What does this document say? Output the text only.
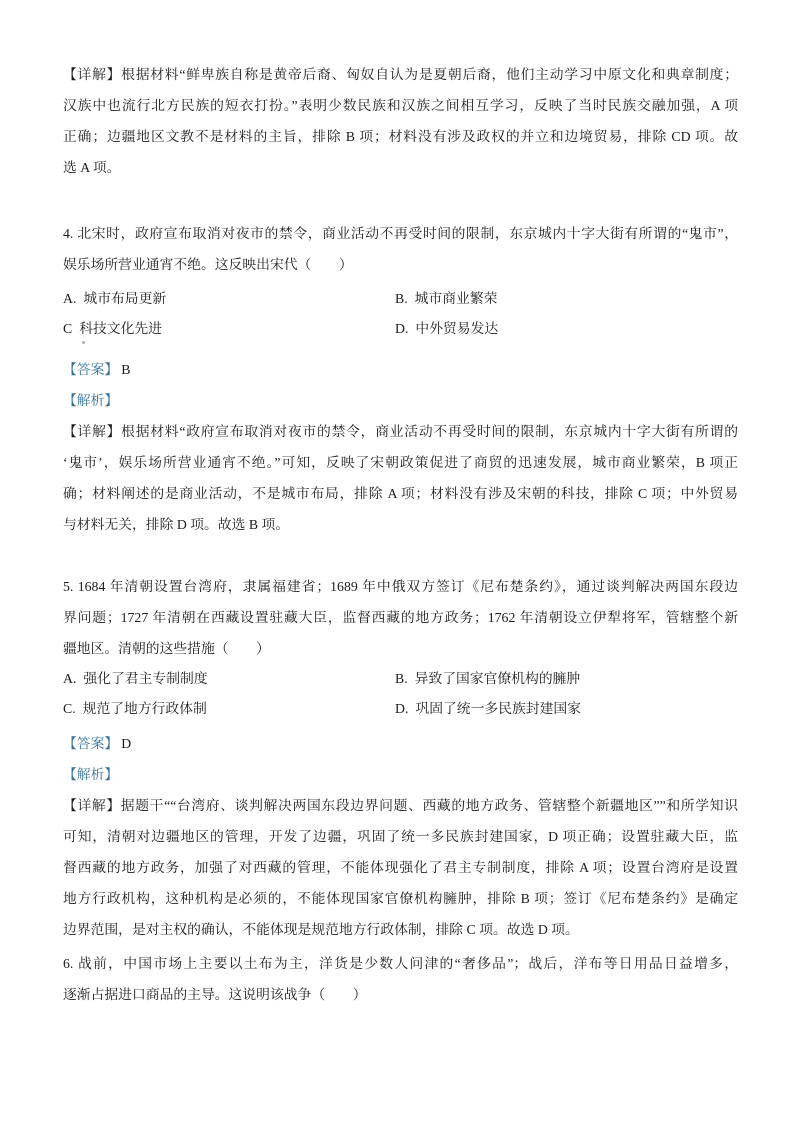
【详解】根据材料“鲜卑族自称是黄帝后裔、匈奴自认为是夏朝后裔，他们主动学习中原文化和典章制度；
汉族中也流行北方民族的短衣打扮。”表明少数民族和汉族之间相互学习，反映了当时民族交融加强，A 项
正确；边疆地区文教不是材料的主旨，排除 B 项；材料没有涉及政权的并立和边境贸易，排除 CD 项。故
选 A 项。
4. 北宋时，政府宣布取消对夜市的禁令，商业活动不再受时间的限制，东京城内十字大街有所谓的“鬼市”，
娱乐场所营业通宵不绝。这反映出宋代（　　）
A. 城市布局更新	B. 城市商业繁荣
C 科技文化先进	D. 中外贸易发达
【答案】 B
【解析】
【详解】根据材料“政府宣布取消对夜市的禁令，商业活动不再受时间的限制，东京城内十字大街有所谓的
‘鬼市’，娱乐场所营业通宵不绝。”可知，反映了宋朝政策促进了商贸的迅速发展，城市商业繁荣，B 项正
确；材料阐述的是商业活动，不是城市布局，排除 A 项；材料没有涉及宋朝的科技，排除 C 项；中外贸易
与材料无关，排除 D 项。故选 B 项。
5. 1684 年清朝设置台湾府，隶属福建省；1689 年中俄双方签订《尼布楚条约》，通过谈判解决两国东段边
界问题；1727 年清朝在西藏设置驻藏大臣，监督西藏的地方政务；1762 年清朝设立伊犁将军，管辖整个新
疆地区。清朝的这些措施（　　）
A. 强化了君主专制制度	B. 异致了国家官僚机构的臃肿
C. 规范了地方行政体制	D. 巩固了统一多民族封建国家
【答案】 D
【解析】
【详解】据题干““台湾府、谈判解决两国东段边界问题、西藏的地方政务、管辖整个新疆地区””和所学知识
可知，清朝对边疆地区的管理，开发了边疆，巩固了统一多民族封建国家，D 项正确；设置驻藏大臣，监
督西藏的地方政务，加强了对西藏的管理，不能体现强化了君主专制制度，排除 A 项；设置台湾府是设置
地方行政机构，这种机构是必须的，不能体现国家官僚机构臃肿，排除 B 项；签订《尼布楚条约》是确定
边界范围，是对主权的确认，不能体现是规范地方行政体制，排除 C 项。故选 D 项。
6. 战前，中国市场上主要以土布为主，洋货是少数人问津的“奢侈品”；战后，洋布等日用品日益增多，
逐渐占据进口商品的主导。这说明该战争（　　）
